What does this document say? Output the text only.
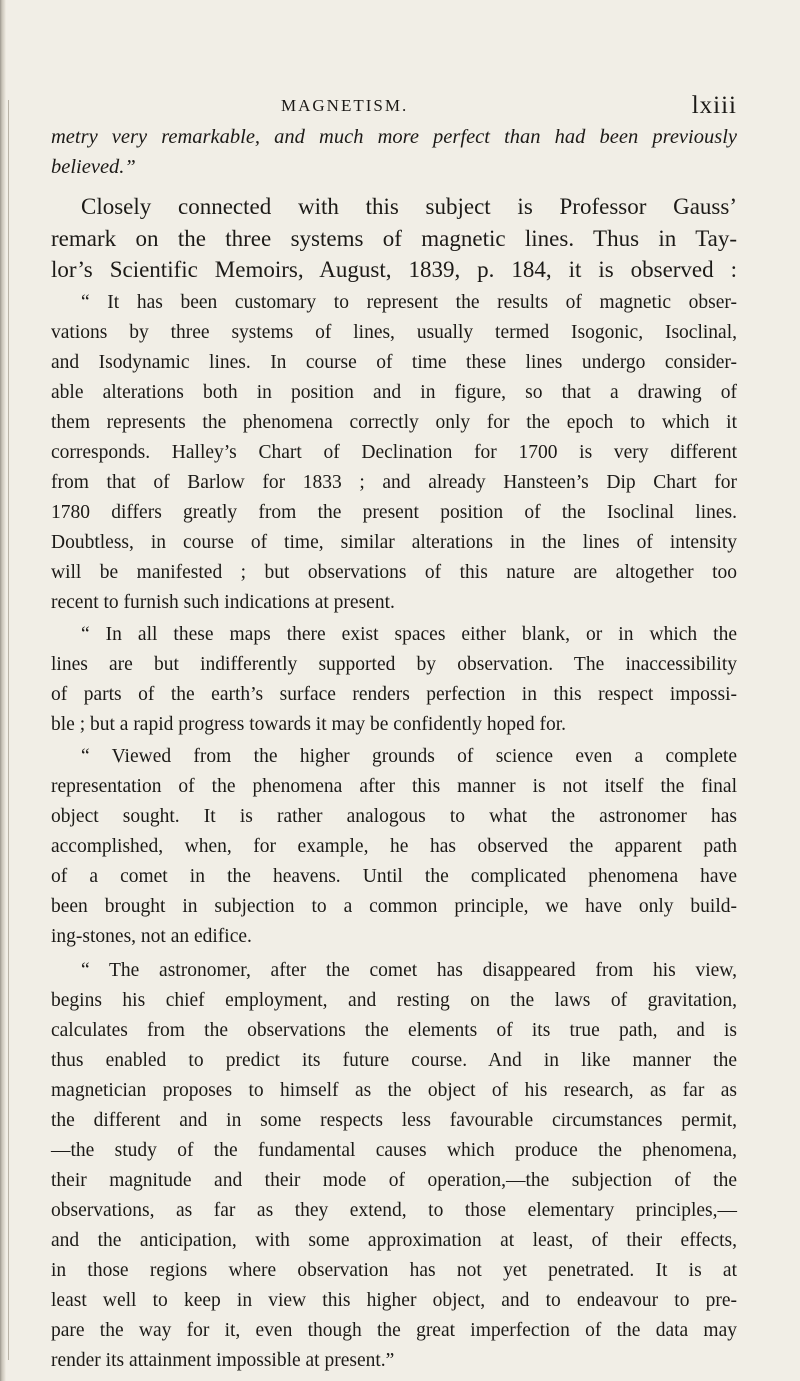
MAGNETISM.	lxiii
metry very remarkable, and much more perfect than had been previously
believed.”
Closely connected with this subject is Professor Gauss’
remark on the three systems of magnetic lines. Thus in Tay-
lor’s Scientific Memoirs, August, 1839, p. 184, it is observed :
“ It has been customary to represent the results of magnetic obser-
vations by three systems of lines, usually termed Isogonic, Isoclinal,
and Isodynamic lines. In course of time these lines undergo consider-
able alterations both in position and in figure, so that a drawing of
them represents the phenomena correctly only for the epoch to which it
corresponds. Halley’s Chart of Declination for 1700 is very different
from that of Barlow for 1833 ; and already Hansteen’s Dip Chart for
1780 differs greatly from the present position of the Isoclinal lines.
Doubtless, in course of time, similar alterations in the lines of intensity
will be manifested ; but observations of this nature are altogether too
recent to furnish such indications at present.
“ In all these maps there exist spaces either blank, or in which the
lines are but indifferently supported by observation. The inaccessibility
of parts of the earth’s surface renders perfection in this respect impossi-
ble ; but a rapid progress towards it may be confidently hoped for.
“ Viewed from the higher grounds of science even a complete
representation of the phenomena after this manner is not itself the final
object sought. It is rather analogous to what the astronomer has
accomplished, when, for example, he has observed the apparent path
of a comet in the heavens. Until the complicated phenomena have
been brought in subjection to a common principle, we have only build-
ing-stones, not an edifice.
“ The astronomer, after the comet has disappeared from his view,
begins his chief employment, and resting on the laws of gravitation,
calculates from the observations the elements of its true path, and is
thus enabled to predict its future course. And in like manner the
magnetician proposes to himself as the object of his research, as far as
the different and in some respects less favourable circumstances permit,
—the study of the fundamental causes which produce the phenomena,
their magnitude and their mode of operation,—the subjection of the
observations, as far as they extend, to those elementary principles,—
and the anticipation, with some approximation at least, of their effects,
in those regions where observation has not yet penetrated. It is at
least well to keep in view this higher object, and to endeavour to pre-
pare the way for it, even though the great imperfection of the data may
render its attainment impossible at present.”
